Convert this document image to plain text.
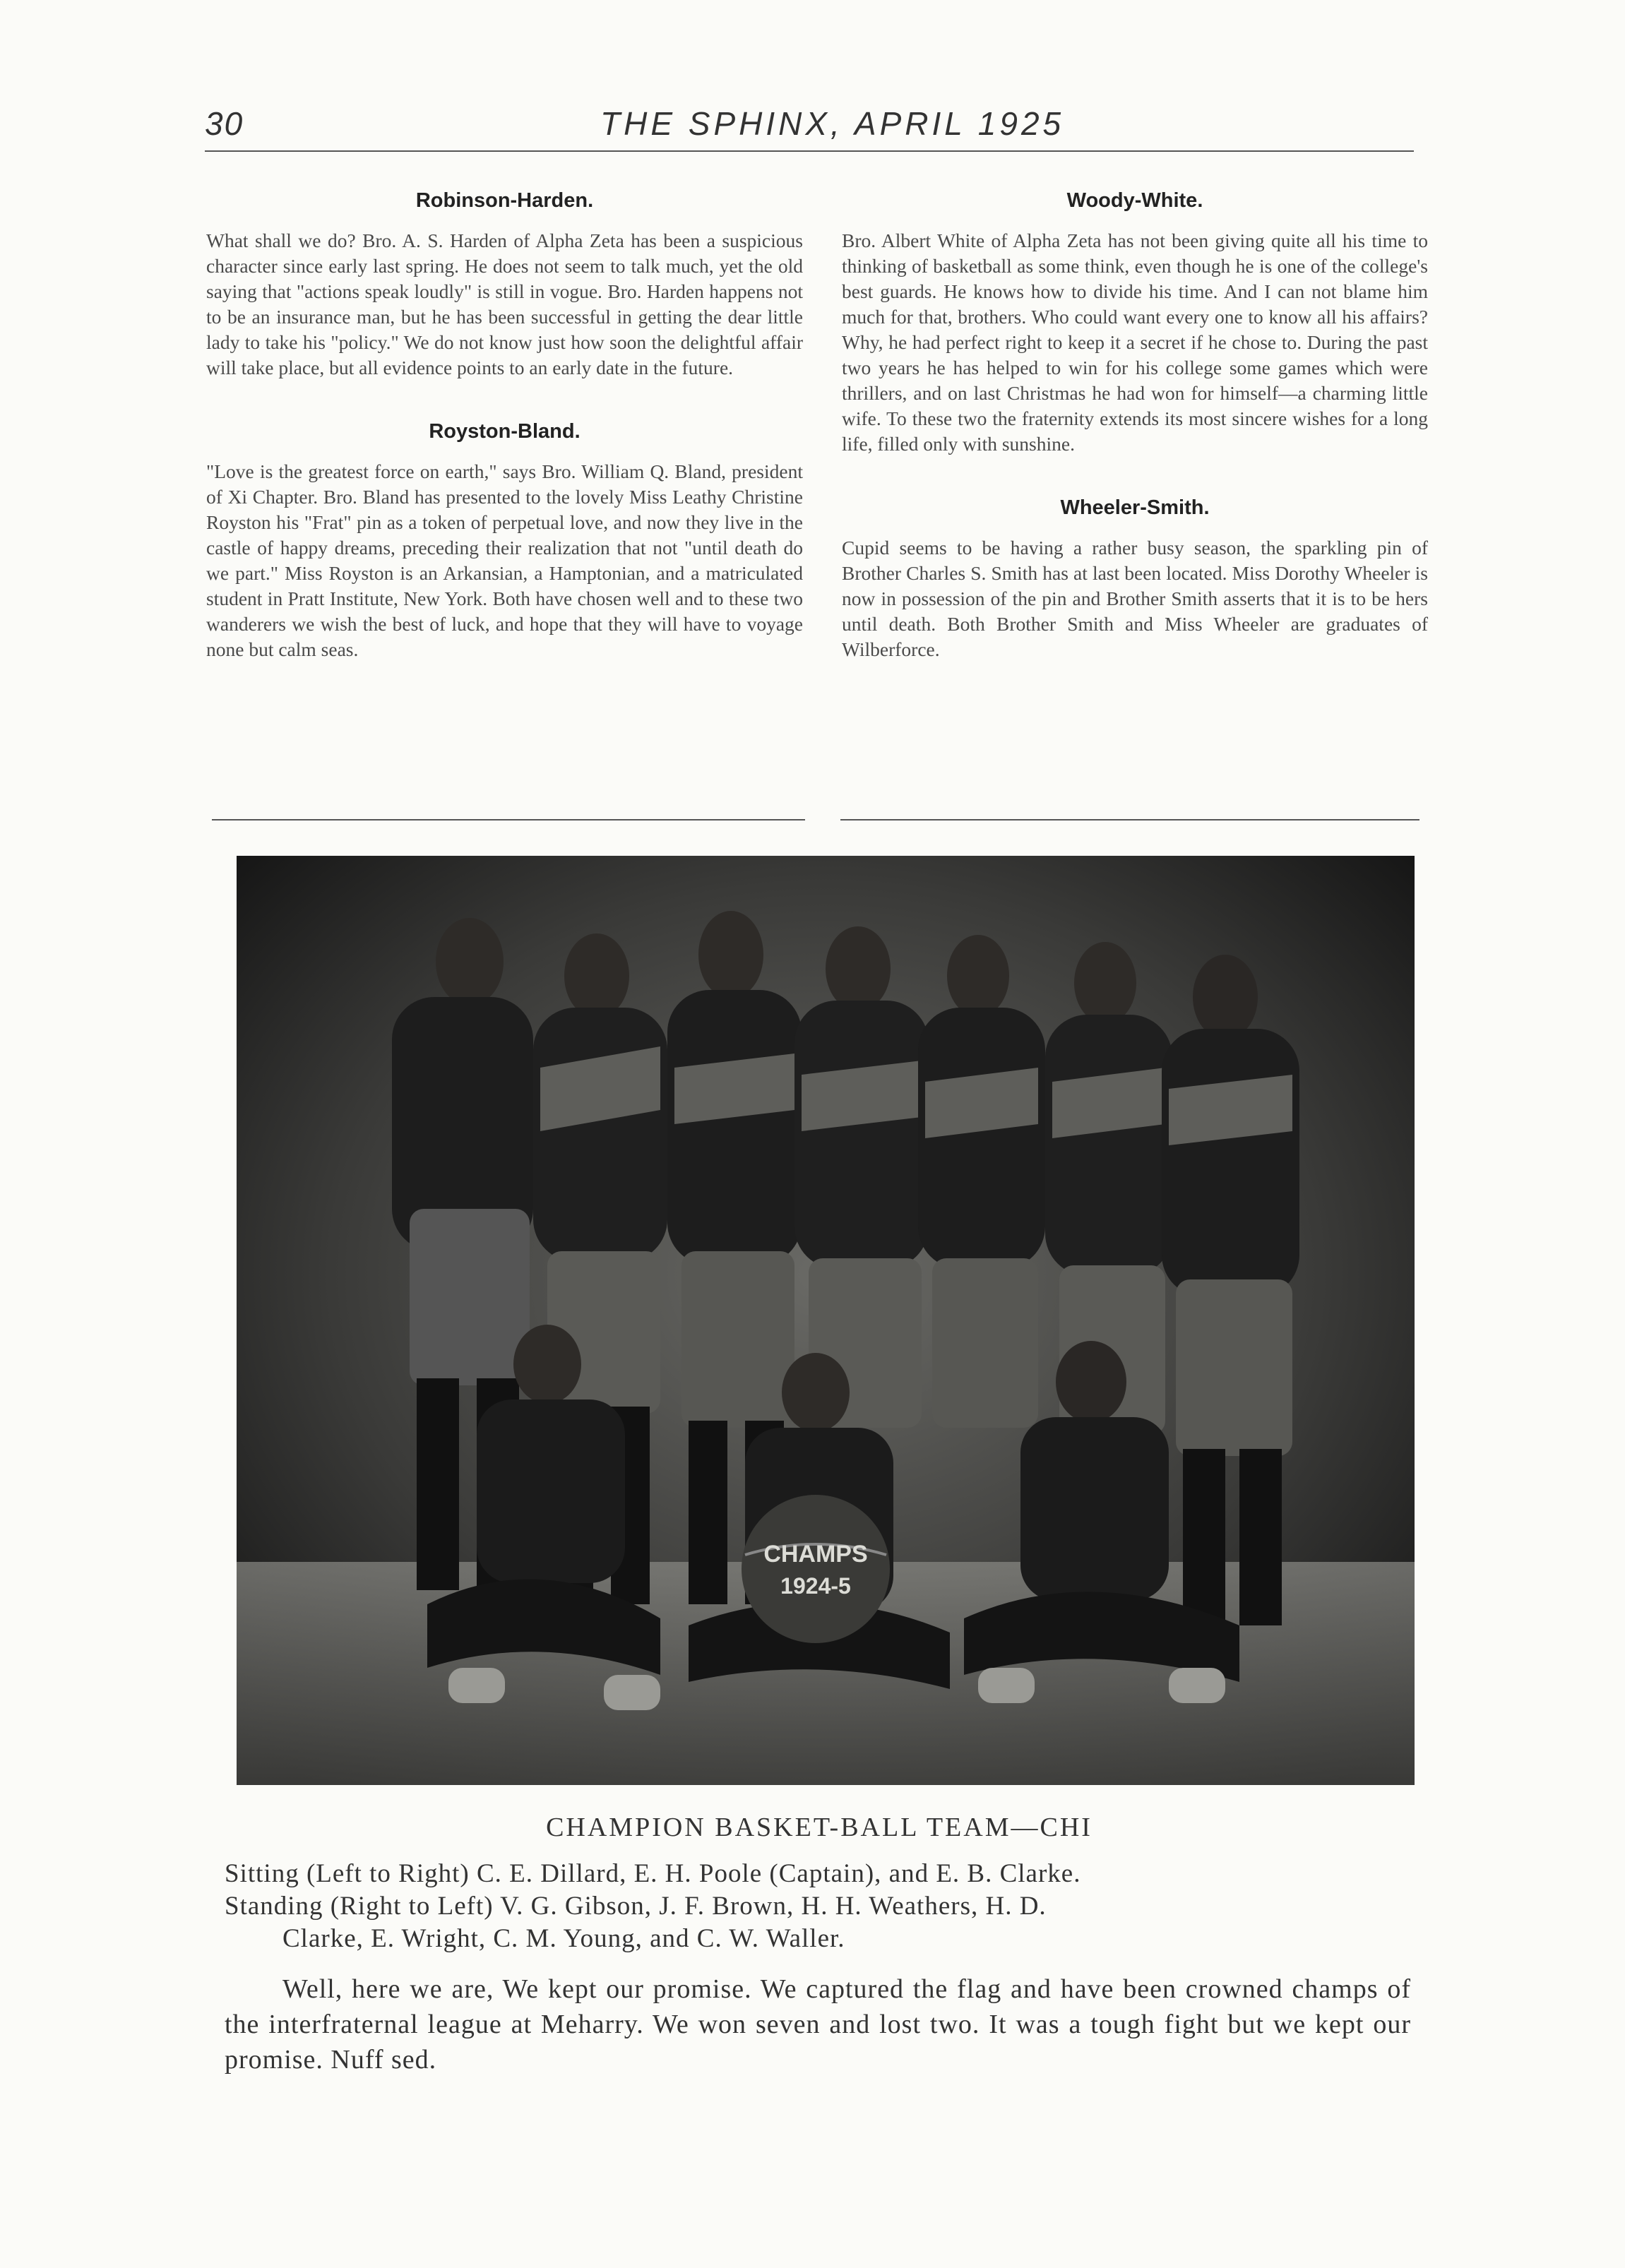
30	THE SPHINX, APRIL 1925
Robinson-Harden.

What shall we do? Bro. A. S. Harden of Alpha Zeta has been a suspicious character since early last spring. He does not seem to talk much, yet the old saying that "actions speak loudly" is still in vogue. Bro. Harden happens not to be an insurance man, but he has been successful in getting the dear little lady to take his "policy." We do not know just how soon the delightful affair will take place, but all evidence points to an early date in the future.

Royston-Bland.

"Love is the greatest force on earth," says Bro. William Q. Bland, president of Xi Chapter. Bro. Bland has presented to the lovely Miss Leathy Christine Royston his "Frat" pin as a token of perpetual love, and now they live in the castle of happy dreams, preceding their realization that not "until death do we part." Miss Royston is an Arkansian, a Hamptonian, and a matriculated student in Pratt Institute, New York. Both have chosen well and to these two wanderers we wish the best of luck, and hope that they will have to voyage none but calm seas.

Woody-White.

Bro. Albert White of Alpha Zeta has not been giving quite all his time to thinking of basketball as some think, even though he is one of the college's best guards. He knows how to divide his time. And I can not blame him much for that, brothers. Who could want every one to know all his affairs? Why, he had perfect right to keep it a secret if he chose to. During the past two years he has helped to win for his college some games which were thrillers, and on last Christmas he had won for himself—a charming little wife. To these two the fraternity extends its most sincere wishes for a long life, filled only with sunshine.

Wheeler-Smith.

Cupid seems to be having a rather busy season, the sparkling pin of Brother Charles S. Smith has at last been located. Miss Dorothy Wheeler is now in possession of the pin and Brother Smith asserts that it is to be hers until death. Both Brother Smith and Miss Wheeler are graduates of Wilberforce.

CHAMPS
1924-5
CHAMPION BASKET-BALL TEAM—CHI
Sitting (Left to Right) C. E. Dillard, E. H. Poole (Captain), and E. B. Clarke.
Standing (Right to Left) V. G. Gibson, J. F. Brown, H. H. Weathers, H. D.
Clarke, E. Wright, C. M. Young, and C. W. Waller.

Well, here we are, We kept our promise. We captured the flag and have been crowned champs of the interfraternal league at Meharry. We won seven and lost two. It was a tough fight but we kept our promise. Nuff sed.
